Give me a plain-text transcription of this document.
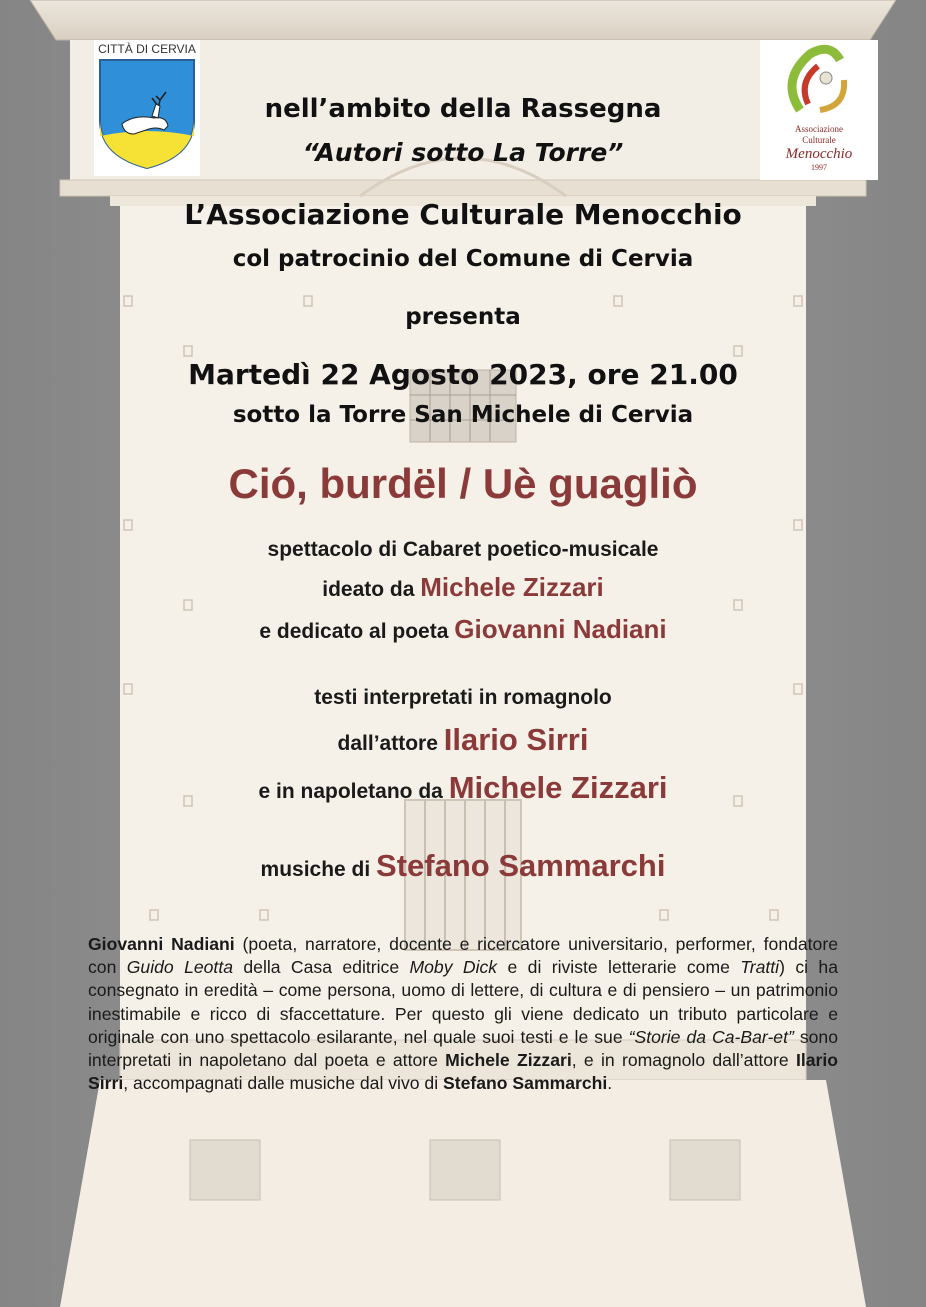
CITTÀ DI CERVIA
Associazione
Culturale
Menocchio
1997
nell’ambito della Rassegna
“Autori sotto La Torre”
L’Associazione Culturale Menocchio
col patrocinio del Comune di Cervia
presenta
Martedì 22 Agosto 2023, ore 21.00
sotto la Torre San Michele di Cervia
Ció, burdël / Uè guagliò
spettacolo di Cabaret poetico-musicale
ideato da Michele Zizzari
e dedicato al poeta Giovanni Nadiani
testi interpretati in romagnolo
dall’attore Ilario Sirri
e in napoletano da Michele Zizzari
musiche di Stefano Sammarchi
Giovanni Nadiani (poeta, narratore, docente e ricercatore universitario, performer, fondatore con Guido Leotta della Casa editrice Moby Dick e di riviste letterarie come Tratti) ci ha consegnato in eredità – come persona, uomo di lettere, di cultura e di pensiero – un patrimonio inestimabile e ricco di sfaccettature. Per questo gli viene dedicato un tributo particolare e originale con uno spettacolo esilarante, nel quale suoi testi e le sue “Storie da Ca-Bar-et” sono interpretati in napoletano dal poeta e attore Michele Zizzari, e in romagnolo dall’attore Ilario Sirri, accompagnati dalle musiche dal vivo di Stefano Sammarchi.
